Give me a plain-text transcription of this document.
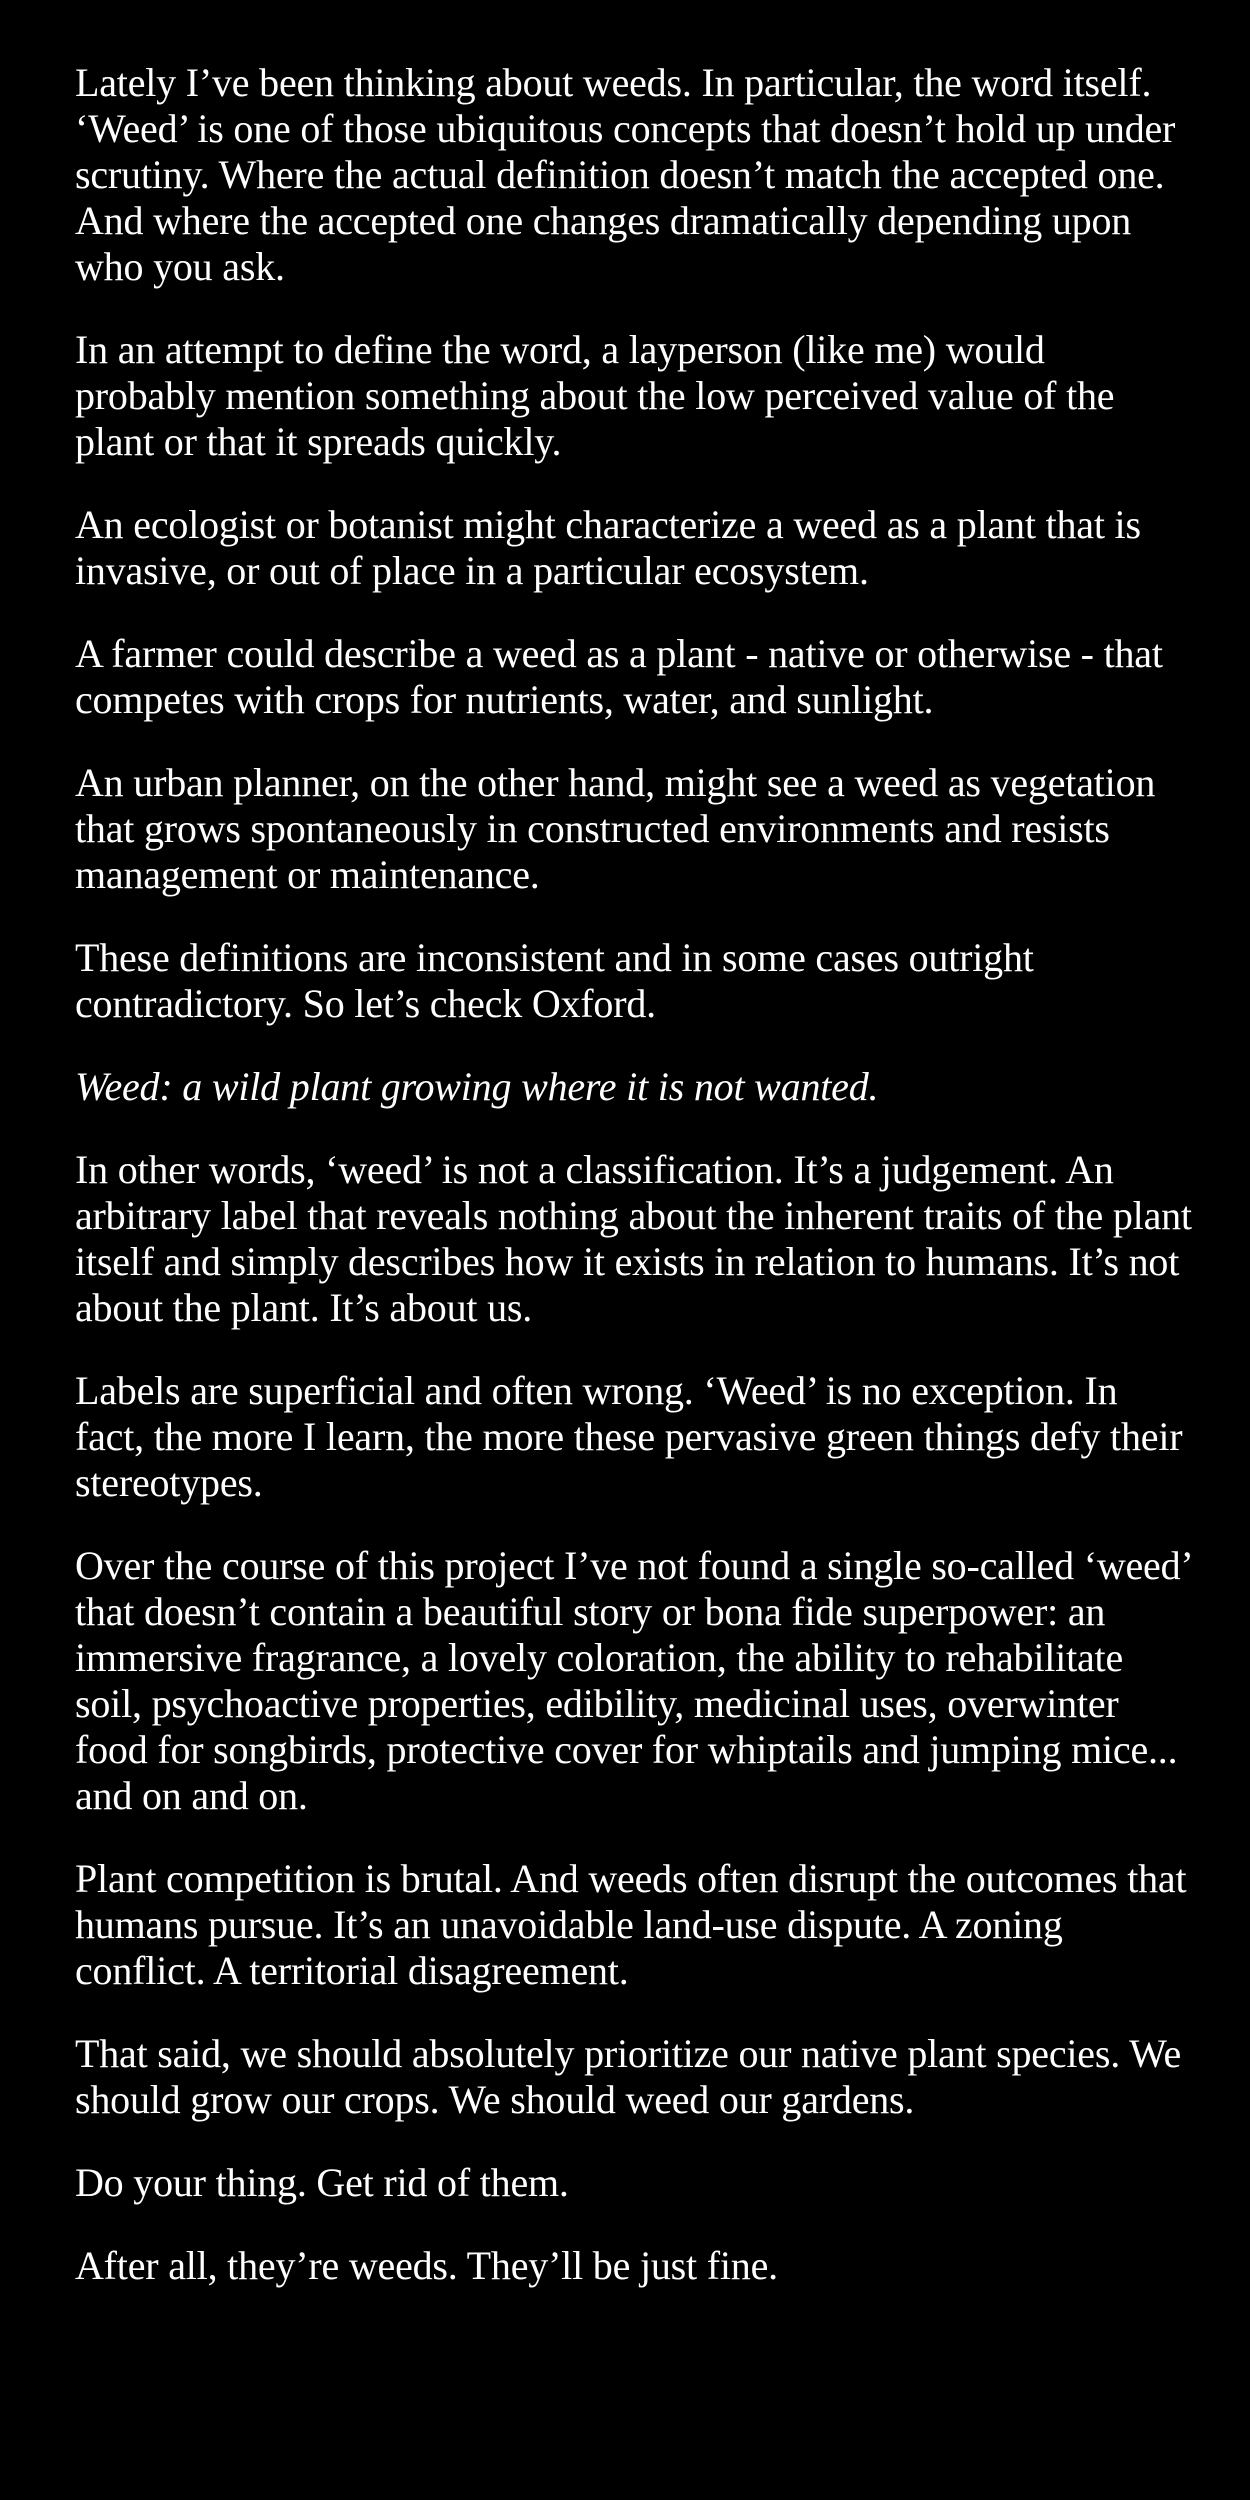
Lately I’ve been thinking about weeds. In particular, the word itself. ‘Weed’ is one of those ubiquitous concepts that doesn’t hold up under scrutiny. Where the actual definition doesn’t match the accepted one. And where the accepted one changes dramatically depending upon who you ask.

In an attempt to define the word, a layperson (like me) would probably mention something about the low perceived value of the plant or that it spreads quickly.

An ecologist or botanist might characterize a weed as a plant that is invasive, or out of place in a particular ecosystem.

A farmer could describe a weed as a plant - native or otherwise - that competes with crops for nutrients, water, and sunlight.

An urban planner, on the other hand, might see a weed as vegetation that grows spontaneously in constructed environments and resists management or maintenance.

These definitions are inconsistent and in some cases outright contradictory. So let’s check Oxford.

Weed: a wild plant growing where it is not wanted.

In other words, ‘weed’ is not a classification. It’s a judgement. An arbitrary label that reveals nothing about the inherent traits of the plant itself and simply describes how it exists in relation to humans. It’s not about the plant. It’s about us.

Labels are superficial and often wrong. ‘Weed’ is no exception. In fact, the more I learn, the more these pervasive green things defy their stereotypes.

Over the course of this project I’ve not found a single so-called ‘weed’ that doesn’t contain a beautiful story or bona fide superpower: an immersive fragrance, a lovely coloration, the ability to rehabilitate soil, psychoactive properties, edibility, medicinal uses, overwinter food for songbirds, protective cover for whiptails and jumping mice... and on and on.

Plant competition is brutal. And weeds often disrupt the outcomes that humans pursue. It’s an unavoidable land-use dispute. A zoning conflict. A territorial disagreement.

That said, we should absolutely prioritize our native plant species. We should grow our crops. We should weed our gardens.

Do your thing. Get rid of them.

After all, they’re weeds. They’ll be just fine.
